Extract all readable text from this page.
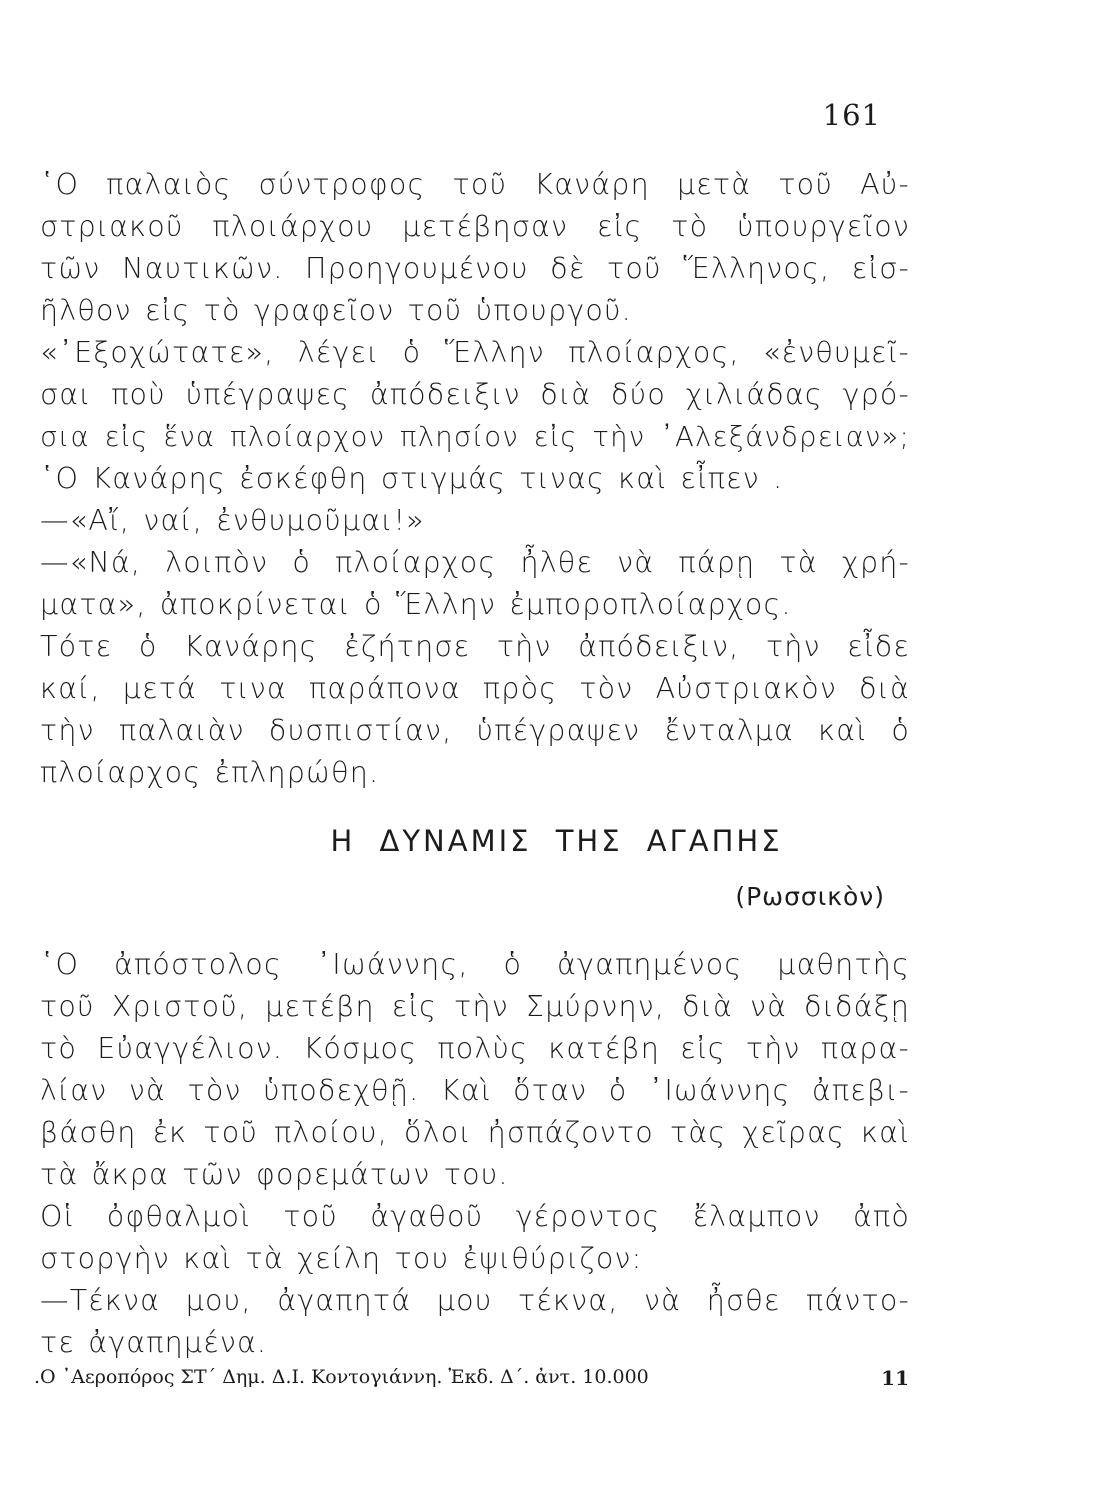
161
῾Ο παλαιὸς σύντροφος τοῦ Κανάρη μετὰ τοῦ Αὐ-
στριακοῦ πλοιάρχου μετέβησαν εἰς τὸ ὑπουργεῖον
τῶν Ναυτικῶν. Προηγουμένου δὲ τοῦ Ἕλληνος, εἰσ-
ῆλθον εἰς τὸ γραφεῖον τοῦ ὑπουργοῦ.
«᾿Εξοχώτατε», λέγει ὁ Ἕλλην πλοίαρχος, «ἐνθυμεῖ-
σαι ποὺ ὑπέγραψες ἀπόδειξιν διὰ δύο χιλιάδας γρό-
σια εἰς ἕνα πλοίαρχον πλησίον εἰς τὴν ᾿Αλεξάνδρειαν»;
῾Ο Κανάρης ἐσκέφθη στιγμάς τινας καὶ εἶπεν .
—«Αἴ, ναί, ἐνθυμοῦμαι!»
—«Νά, λοιπὸν ὁ πλοίαρχος ἦλθε νὰ πάρῃ τὰ χρή-
ματα», ἀποκρίνεται ὁ Ἕλλην ἐμποροπλοίαρχος.
Τότε ὁ Κανάρης ἐζήτησε τὴν ἀπόδειξιν, τὴν εἶδε
καί, μετά τινα παράπονα πρὸς τὸν Αὐστριακὸν διὰ
τὴν παλαιὰν δυσπιστίαν, ὑπέγραψεν ἔνταλμα καὶ ὁ
πλοίαρχος ἐπληρώθη.
Η ΔΥΝΑΜΙΣ ΤΗΣ ΑΓΑΠΗΣ
(Ρωσσικὸν)
῾Ο ἀπόστολος ᾿Ιωάννης, ὁ ἀγαπημένος μαθητὴς
τοῦ Χριστοῦ, μετέβη εἰς τὴν Σμύρνην, διὰ νὰ διδάξῃ
τὸ Εὐαγγέλιον. Κόσμος πολὺς κατέβη εἰς τὴν παρα-
λίαν νὰ τὸν ὑποδεχθῇ. Καὶ ὅταν ὁ ᾿Ιωάννης ἀπεβι-
βάσθη ἐκ τοῦ πλοίου, ὅλοι ἠσπάζοντο τὰς χεῖρας καὶ
τὰ ἄκρα τῶν φορεμάτων του.
Οἱ ὀφθαλμοὶ τοῦ ἀγαθοῦ γέροντος ἔλαμπον ἀπὸ
στοργὴν καὶ τὰ χείλη του ἐψιθύριζον:
—Τέκνα μου, ἀγαπητά μου τέκνα, νὰ ἦσθε πάντο-
τε ἀγαπημένα.
.Ο ᾿Αεροπόρος ΣΤ΄ Δημ. Δ.Ι. Κοντογιάννη. Ἐκδ. Δ΄. ἀντ. 10.000	11
